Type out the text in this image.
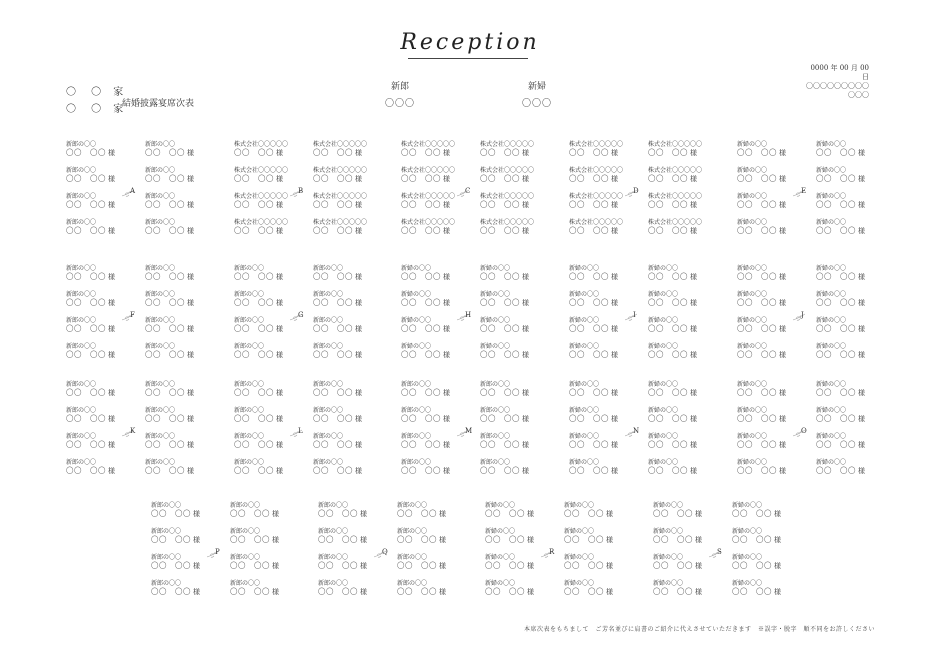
Reception
〇 〇 家
〇 〇 家
結婚披露宴席次表
新郎
〇〇〇
新婦
〇〇〇
0000 年 00 月 00 日
〇〇〇〇〇〇〇〇〇〇〇〇
新郎の〇〇
〇〇　〇〇 様
新郎の〇〇
〇〇　〇〇 様
新郎の〇〇
〇〇　〇〇 様
新郎の〇〇
〇〇　〇〇 様
新郎の〇〇
〇〇　〇〇 様
新郎の〇〇
〇〇　〇〇 様
新郎の〇〇
〇〇　〇〇 様
新郎の〇〇
〇〇　〇〇 様
A
株式会社〇〇〇〇〇
〇〇　〇〇 様
株式会社〇〇〇〇〇
〇〇　〇〇 様
株式会社〇〇〇〇〇
〇〇　〇〇 様
株式会社〇〇〇〇〇
〇〇　〇〇 様
株式会社〇〇〇〇〇
〇〇　〇〇 様
株式会社〇〇〇〇〇
〇〇　〇〇 様
株式会社〇〇〇〇〇
〇〇　〇〇 様
株式会社〇〇〇〇〇
〇〇　〇〇 様
B
株式会社〇〇〇〇〇
〇〇　〇〇 様
株式会社〇〇〇〇〇
〇〇　〇〇 様
株式会社〇〇〇〇〇
〇〇　〇〇 様
株式会社〇〇〇〇〇
〇〇　〇〇 様
株式会社〇〇〇〇〇
〇〇　〇〇 様
株式会社〇〇〇〇〇
〇〇　〇〇 様
株式会社〇〇〇〇〇
〇〇　〇〇 様
株式会社〇〇〇〇〇
〇〇　〇〇 様
C
株式会社〇〇〇〇〇
〇〇　〇〇 様
株式会社〇〇〇〇〇
〇〇　〇〇 様
株式会社〇〇〇〇〇
〇〇　〇〇 様
株式会社〇〇〇〇〇
〇〇　〇〇 様
株式会社〇〇〇〇〇
〇〇　〇〇 様
株式会社〇〇〇〇〇
〇〇　〇〇 様
株式会社〇〇〇〇〇
〇〇　〇〇 様
株式会社〇〇〇〇〇
〇〇　〇〇 様
D
新婦の〇〇
〇〇　〇〇 様
新婦の〇〇
〇〇　〇〇 様
新婦の〇〇
〇〇　〇〇 様
新婦の〇〇
〇〇　〇〇 様
新婦の〇〇
〇〇　〇〇 様
新婦の〇〇
〇〇　〇〇 様
新婦の〇〇
〇〇　〇〇 様
新婦の〇〇
〇〇　〇〇 様
E
新郎の〇〇
〇〇　〇〇 様
新郎の〇〇
〇〇　〇〇 様
新郎の〇〇
〇〇　〇〇 様
新郎の〇〇
〇〇　〇〇 様
新郎の〇〇
〇〇　〇〇 様
新郎の〇〇
〇〇　〇〇 様
新郎の〇〇
〇〇　〇〇 様
新郎の〇〇
〇〇　〇〇 様
F
新郎の〇〇
〇〇　〇〇 様
新郎の〇〇
〇〇　〇〇 様
新郎の〇〇
〇〇　〇〇 様
新郎の〇〇
〇〇　〇〇 様
新郎の〇〇
〇〇　〇〇 様
新郎の〇〇
〇〇　〇〇 様
新郎の〇〇
〇〇　〇〇 様
新郎の〇〇
〇〇　〇〇 様
G
新婦の〇〇
〇〇　〇〇 様
新婦の〇〇
〇〇　〇〇 様
新婦の〇〇
〇〇　〇〇 様
新婦の〇〇
〇〇　〇〇 様
新婦の〇〇
〇〇　〇〇 様
新婦の〇〇
〇〇　〇〇 様
新婦の〇〇
〇〇　〇〇 様
新婦の〇〇
〇〇　〇〇 様
H
新婦の〇〇
〇〇　〇〇 様
新婦の〇〇
〇〇　〇〇 様
新婦の〇〇
〇〇　〇〇 様
新婦の〇〇
〇〇　〇〇 様
新婦の〇〇
〇〇　〇〇 様
新婦の〇〇
〇〇　〇〇 様
新婦の〇〇
〇〇　〇〇 様
新婦の〇〇
〇〇　〇〇 様
I
新婦の〇〇
〇〇　〇〇 様
新婦の〇〇
〇〇　〇〇 様
新婦の〇〇
〇〇　〇〇 様
新婦の〇〇
〇〇　〇〇 様
新婦の〇〇
〇〇　〇〇 様
新婦の〇〇
〇〇　〇〇 様
新婦の〇〇
〇〇　〇〇 様
新婦の〇〇
〇〇　〇〇 様
J
新郎の〇〇
〇〇　〇〇 様
新郎の〇〇
〇〇　〇〇 様
新郎の〇〇
〇〇　〇〇 様
新郎の〇〇
〇〇　〇〇 様
新郎の〇〇
〇〇　〇〇 様
新郎の〇〇
〇〇　〇〇 様
新郎の〇〇
〇〇　〇〇 様
新郎の〇〇
〇〇　〇〇 様
K
新郎の〇〇
〇〇　〇〇 様
新郎の〇〇
〇〇　〇〇 様
新郎の〇〇
〇〇　〇〇 様
新郎の〇〇
〇〇　〇〇 様
新郎の〇〇
〇〇　〇〇 様
新郎の〇〇
〇〇　〇〇 様
新郎の〇〇
〇〇　〇〇 様
新郎の〇〇
〇〇　〇〇 様
L
新郎の〇〇
〇〇　〇〇 様
新郎の〇〇
〇〇　〇〇 様
新郎の〇〇
〇〇　〇〇 様
新郎の〇〇
〇〇　〇〇 様
新郎の〇〇
〇〇　〇〇 様
新郎の〇〇
〇〇　〇〇 様
新郎の〇〇
〇〇　〇〇 様
新郎の〇〇
〇〇　〇〇 様
M
新婦の〇〇
〇〇　〇〇 様
新婦の〇〇
〇〇　〇〇 様
新婦の〇〇
〇〇　〇〇 様
新婦の〇〇
〇〇　〇〇 様
新婦の〇〇
〇〇　〇〇 様
新婦の〇〇
〇〇　〇〇 様
新婦の〇〇
〇〇　〇〇 様
新婦の〇〇
〇〇　〇〇 様
N
新婦の〇〇
〇〇　〇〇 様
新婦の〇〇
〇〇　〇〇 様
新婦の〇〇
〇〇　〇〇 様
新婦の〇〇
〇〇　〇〇 様
新婦の〇〇
〇〇　〇〇 様
新婦の〇〇
〇〇　〇〇 様
新婦の〇〇
〇〇　〇〇 様
新婦の〇〇
〇〇　〇〇 様
O
新郎の〇〇
〇〇　〇〇 様
新郎の〇〇
〇〇　〇〇 様
新郎の〇〇
〇〇　〇〇 様
新郎の〇〇
〇〇　〇〇 様
新郎の〇〇
〇〇　〇〇 様
新郎の〇〇
〇〇　〇〇 様
新郎の〇〇
〇〇　〇〇 様
新郎の〇〇
〇〇　〇〇 様
P
新郎の〇〇
〇〇　〇〇 様
新郎の〇〇
〇〇　〇〇 様
新郎の〇〇
〇〇　〇〇 様
新郎の〇〇
〇〇　〇〇 様
新郎の〇〇
〇〇　〇〇 様
新郎の〇〇
〇〇　〇〇 様
新郎の〇〇
〇〇　〇〇 様
新郎の〇〇
〇〇　〇〇 様
Q
新婦の〇〇
〇〇　〇〇 様
新婦の〇〇
〇〇　〇〇 様
新婦の〇〇
〇〇　〇〇 様
新婦の〇〇
〇〇　〇〇 様
新婦の〇〇
〇〇　〇〇 様
新婦の〇〇
〇〇　〇〇 様
新婦の〇〇
〇〇　〇〇 様
新婦の〇〇
〇〇　〇〇 様
R
新婦の〇〇
〇〇　〇〇 様
新婦の〇〇
〇〇　〇〇 様
新婦の〇〇
〇〇　〇〇 様
新婦の〇〇
〇〇　〇〇 様
新婦の〇〇
〇〇　〇〇 様
新婦の〇〇
〇〇　〇〇 様
新婦の〇〇
〇〇　〇〇 様
新婦の〇〇
〇〇　〇〇 様
S
本席次表をもちまして　ご芳名並びに肩書のご紹介に代えさせていただきます　※誤字・脱字　順不同をお許しください
